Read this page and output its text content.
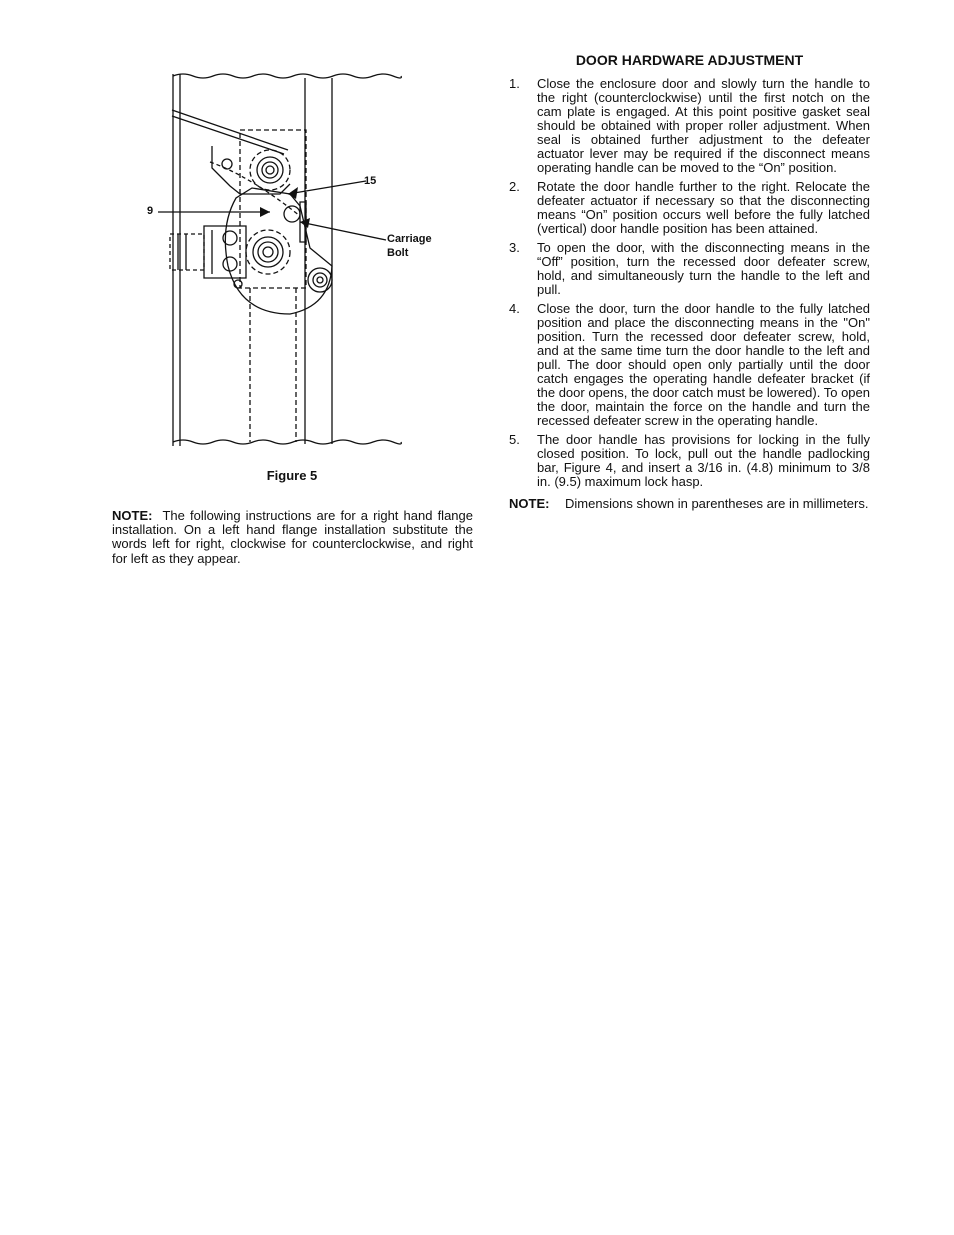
15
9
Carriage
Bolt
Figure 5
NOTE: The following instructions are for a right hand flange installation. On a left hand flange installation substitute the words left for right, clockwise for counterclockwise, and right for left as they appear.
DOOR HARDWARE ADJUSTMENT
1. Close the enclosure door and slowly turn the handle to the right (counterclockwise) until the first notch on the cam plate is engaged. At this point positive gasket seal should be obtained with proper roller adjustment. When seal is obtained further adjustment to the defeater actuator lever may be required if the disconnect means operating handle can be moved to the “On” position.
2. Rotate the door handle further to the right. Relocate the defeater actuator if necessary so that the disconnecting means “On” position occurs well before the fully latched (vertical) door handle position has been attained.
3. To open the door, with the disconnecting means in the “Off” position, turn the recessed door defeater screw, hold, and simultaneously turn the handle to the left and pull.
4. Close the door, turn the door handle to the fully latched position and place the disconnecting means in the "On" position. Turn the recessed door defeater screw, hold, and at the same time turn the door handle to the left and pull. The door should open only partially until the door catch engages the operating handle defeater bracket (if the door opens, the door catch must be lowered). To open the door, maintain the force on the handle and turn the recessed defeater screw in the operating handle.
5. The door handle has provisions for locking in the fully closed position. To lock, pull out the handle padlocking bar, Figure 4, and insert a 3/16 in. (4.8) minimum to 3/8 in. (9.5) maximum lock hasp.
NOTE: Dimensions shown in parentheses are in millimeters.
